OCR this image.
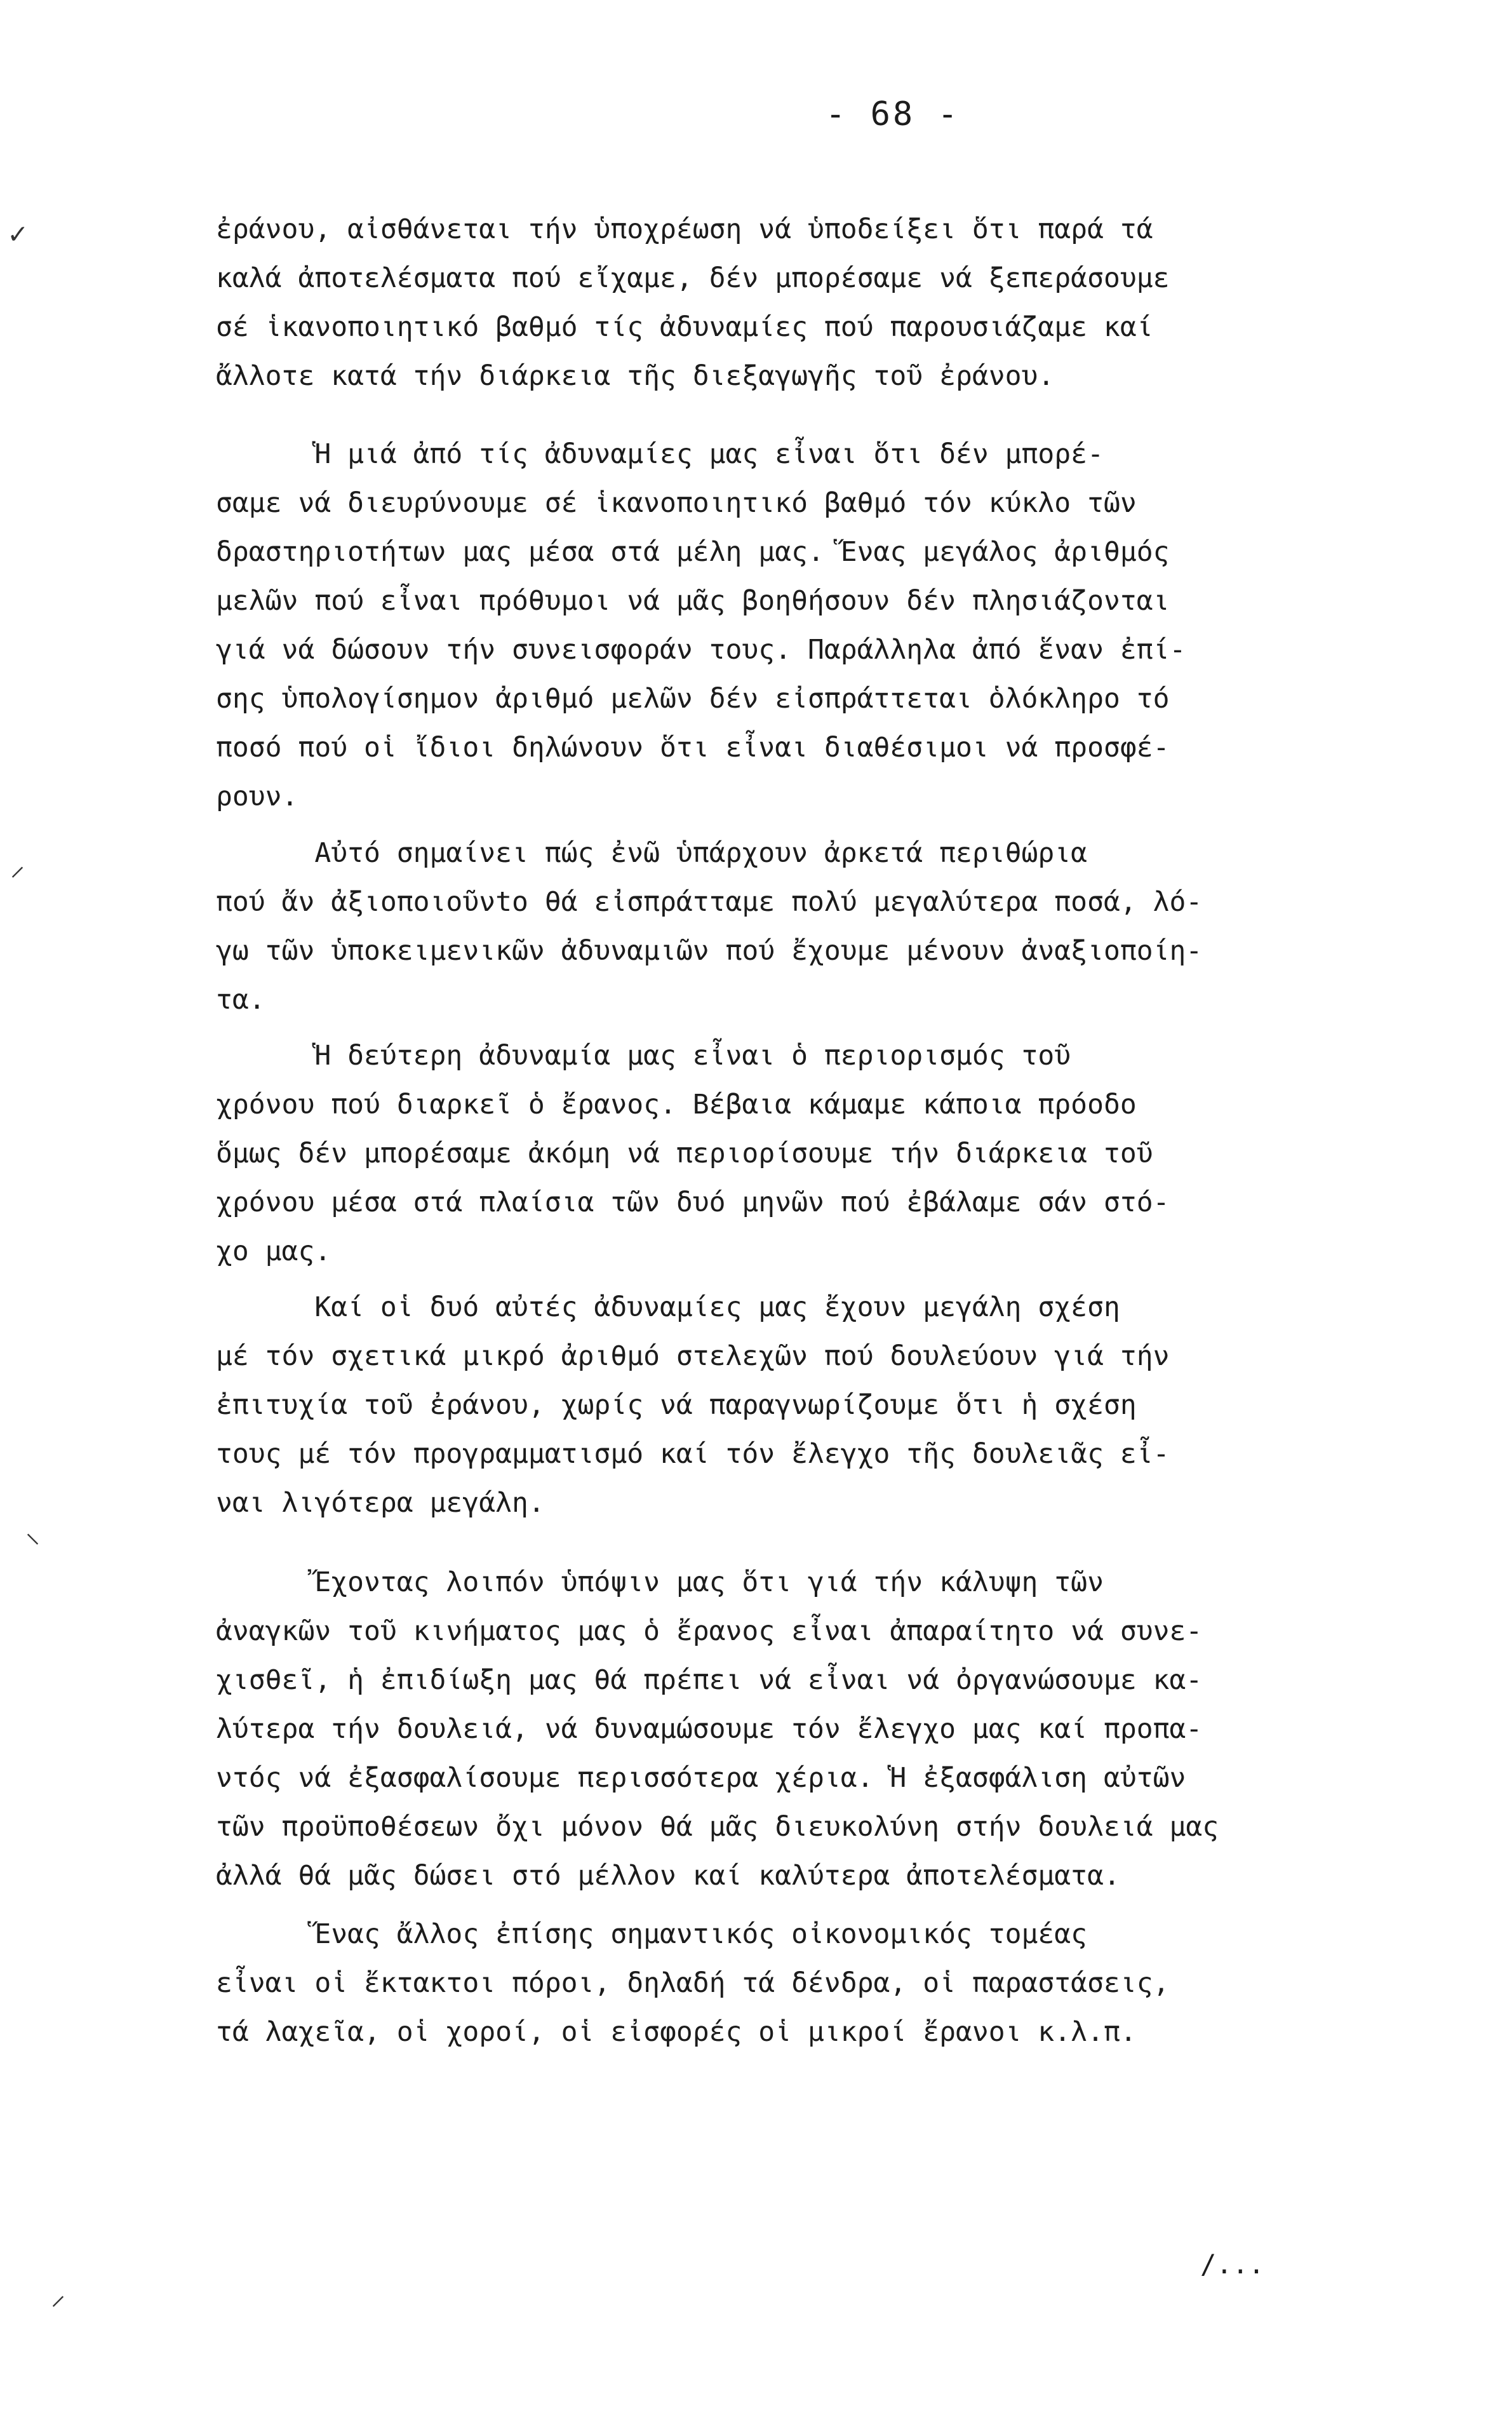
- 68 -
✓
⸝
⸜
⸝
ἐράνου, αἰσθάνεται τήν ὑποχρέωση νά ὑποδείξει ὅτι παρά τά
καλά ἀποτελέσματα πού εἴχαμε, δέν μπορέσαμε νά ξεπεράσουμε
σέ ἱκανοποιητικό βαθμό τίς ἀδυναμίες πού παρουσιάζαμε καί
ἄλλοτε κατά τήν διάρκεια τῆς διεξαγωγῆς τοῦ ἐράνου.
Ἡ μιά ἀπό τίς ἀδυναμίες μας εἶναι ὅτι δέν μπορέ-
σαμε νά διευρύνουμε σέ ἱκανοποιητικό βαθμό τόν κύκλο τῶν
δραστηριοτήτων μας μέσα στά μέλη μας. Ἕνας μεγάλος ἀριθμός
μελῶν πού εἶναι πρόθυμοι νά μᾶς βοηθήσουν δέν πλησιάζονται
γιά νά δώσουν τήν συνεισφοράν τους. Παράλληλα ἀπό ἕναν ἐπί-
σης ὑπολογίσημον ἀριθμό μελῶν δέν εἰσπράττεται ὁλόκληρο τό
ποσό πού οἱ ἴδιοι δηλώνουν ὅτι εἶναι διαθέσιμοι νά προσφέ-
ρουν.
Αὐτό σημαίνει πώς ἐνῶ ὑπάρχουν ἀρκετά περιθώρια
πού ἄν ἀξιοποιοῦνto θά εἰσπράτταμε πολύ μεγαλύτερα ποσά, λό-
γω τῶν ὑποκειμενικῶν ἀδυναμιῶν πού ἔχουμε μένουν ἀναξιοποίη-
τα.
Ἡ δεύτερη ἀδυναμία μας εἶναι ὁ περιορισμός τοῦ
χρόνου πού διαρκεῖ ὁ ἔρανος. Βέβαια κάμαμε κάποια πρόοδο
ὅμως δέν μπορέσαμε ἀκόμη νά περιορίσουμε τήν διάρκεια τοῦ
χρόνου μέσα στά πλαίσια τῶν δυό μηνῶν πού ἐβάλαμε σάν στό-
χο μας.
Καί οἱ δυό αὐτές ἀδυναμίες μας ἔχουν μεγάλη σχέση
μέ τόν σχετικά μικρό ἀριθμό στελεχῶν πού δουλεύουν γιά τήν
ἐπιτυχία τοῦ ἐράνου, χωρίς νά παραγνωρίζουμε ὅτι ἡ σχέση
τους μέ τόν προγραμματισμό καί τόν ἔλεγχο τῆς δουλειᾶς εἶ-
ναι λιγότερα μεγάλη.
Ἔχοντας λοιπόν ὑπόψιν μας ὅτι γιά τήν κάλυψη τῶν
ἀναγκῶν τοῦ κινήματος μας ὁ ἔρανος εἶναι ἀπαραίτητο νά συνε-
χισθεῖ, ἡ ἐπιδίωξη μας θά πρέπει νά εἶναι νά ὀργανώσουμε κα-
λύτερα τήν δουλειά, νά δυναμώσουμε τόν ἔλεγχο μας καί προπα-
ντός νά ἐξασφαλίσουμε περισσότερα χέρια. Ἡ ἐξασφάλιση αὐτῶν
τῶν προϋποθέσεων ὄχι μόνον θά μᾶς διευκολύνη στήν δουλειά μας
ἀλλά θά μᾶς δώσει στό μέλλον καί καλύτερα ἀποτελέσματα.
Ἕνας ἄλλος ἐπίσης σημαντικός οἰκονομικός τομέας
εἶναι οἱ ἔκτακτοι πόροι, δηλαδή τά δένδρα, οἱ παραστάσεις,
τά λαχεῖα, οἱ χοροί, οἱ εἰσφορές οἱ μικροί ἔρανοι κ.λ.π.
/...
